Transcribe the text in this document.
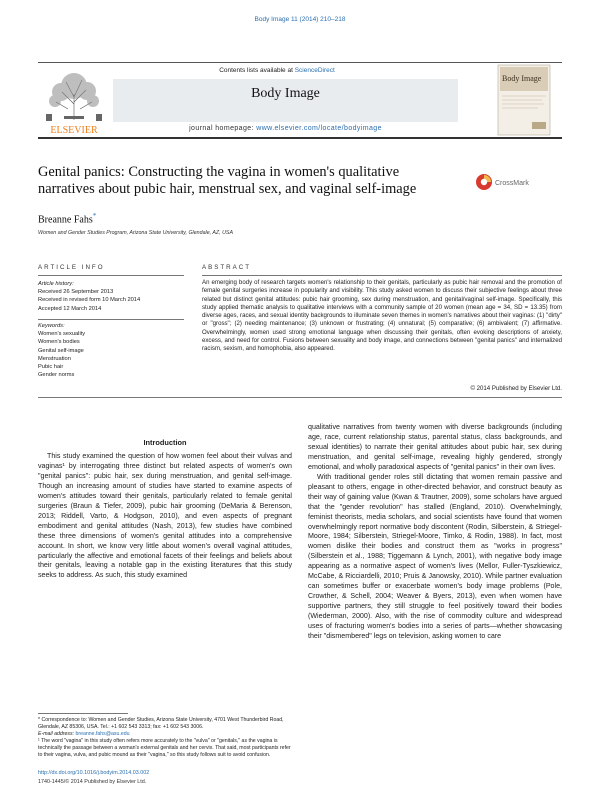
Body Image 11 (2014) 210–218
Contents lists available at ScienceDirect
Body Image
journal homepage: www.elsevier.com/locate/bodyimage
ELSEVIER
Body Image
Genital panics: Constructing the vagina in women's qualitative narratives about pubic hair, menstrual sex, and vaginal self-image	CrossMark
Breanne Fahs*
Women and Gender Studies Program, Arizona State University, Glendale, AZ, USA
ARTICLE INFO
Article history:
Received 26 September 2013
Received in revised form 10 March 2014
Accepted 12 March 2014
Keywords:
Women's sexuality
Women's bodies
Genital self-image
Menstruation
Pubic hair
Gender norms
ABSTRACT
An emerging body of research targets women's relationship to their genitals, particularly as pubic hair removal and the promotion of female genital surgeries increase in popularity and visibility. This study asked women to discuss their subjective feelings about three related but distinct genital attitudes: pubic hair grooming, sex during menstruation, and genital/vaginal self-image. Specifically, this study applied thematic analysis to qualitative interviews with a community sample of 20 women (mean age = 34, SD = 13.35) from diverse ages, races, and sexual identity backgrounds to illuminate seven themes in women's narratives about their vaginas: (1) "dirty" or "gross"; (2) needing maintenance; (3) unknown or frustrating; (4) unnatural; (5) comparative; (6) ambivalent; (7) affirmative. Overwhelmingly, women used strong emotional language when discussing their genitals, often evoking descriptions of anxiety, excess, and need for control. Fusions between sexuality and body image, and connections between "genital panics" and internalized racism, sexism, and homophobia, also appeared.
© 2014 Published by Elsevier Ltd.
Introduction

This study examined the question of how women feel about their vulvas and vaginas¹ by interrogating three distinct but related aspects of women's own "genital panics": pubic hair, sex during menstruation, and genital self-image. Though an increasing amount of studies have started to examine aspects of women's attitudes toward their genitals, particularly related to female genital surgeries (Braun & Tiefer, 2009), pubic hair grooming (DeMaria & Berenson, 2013; Riddell, Varto, & Hodgson, 2010), and even aspects of pregnant embodiment and genital attitudes (Nash, 2013), few studies have combined these three dimensions of women's genital attitudes into a comprehensive account. In short, we know very little about women's overall vaginal attitudes, particularly the affective and emotional facets of their feelings and beliefs about their genitals, leaving a notable gap in the existing literatures that this study seeks to address. As such, this study examined

qualitative narratives from twenty women with diverse backgrounds (including age, race, current relationship status, parental status, class backgrounds, and sexual identities) to narrate their genital attitudes about pubic hair, sex during menstruation, and genital self-image, revealing highly gendered, strongly emotional, and wholly paradoxical aspects of "genital panics" in their own lives.

With traditional gender roles still dictating that women remain passive and pleasant to others, engage in other-directed behavior, and construct beauty as their way of gaining value (Kwan & Trautner, 2009), some scholars have argued that the "gender revolution" has stalled (England, 2010). Overwhelmingly, feminist theorists, media scholars, and social scientists have found that women overwhelmingly report normative body discontent (Rodin, Silberstein, & Striegel-Moore, 1984; Silberstein, Striegel-Moore, Timko, & Rodin, 1988). In fact, most women dislike their bodies and construct them as "works in progress" (Silberstein et al., 1988; Tiggemann & Lynch, 2001), with negative body image appearing as a normative aspect of women's lives (Mellor, Fuller-Tyszkiewicz, McCabe, & Ricciardelli, 2010; Pruis & Janowsky, 2010). While partner evaluation can sometimes buffer or exacerbate women's body image problems (Pole, Crowther, & Schell, 2004; Weaver & Byers, 2013), even when women have supportive partners, they still struggle to feel positively toward their bodies (Wiederman, 2000). Also, with the rise of commodity culture and widespread uses of fracturing women's bodies into a series of parts—whether showcasing their "dismembered" legs on television, asking women to care

* Correspondence to: Women and Gender Studies, Arizona State University, 4701 West Thunderbird Road, Glendale, AZ 85306, USA. Tel.: +1 602 543 3313; fax: +1 602 543 3006.

E-mail address: breanne.fahs@asu.edu

¹ The word "vagina" in this study often refers more accurately to the "vulva" or "genitals," as the vagina is technically the passage between a woman's external genitals and her cervix. That said, most participants refer to their vagina, vulva, and pubic mound as their "vagina," so this study follows suit to avoid confusion.

http://dx.doi.org/10.1016/j.bodyim.2014.03.002
1740-1445/© 2014 Published by Elsevier Ltd.
